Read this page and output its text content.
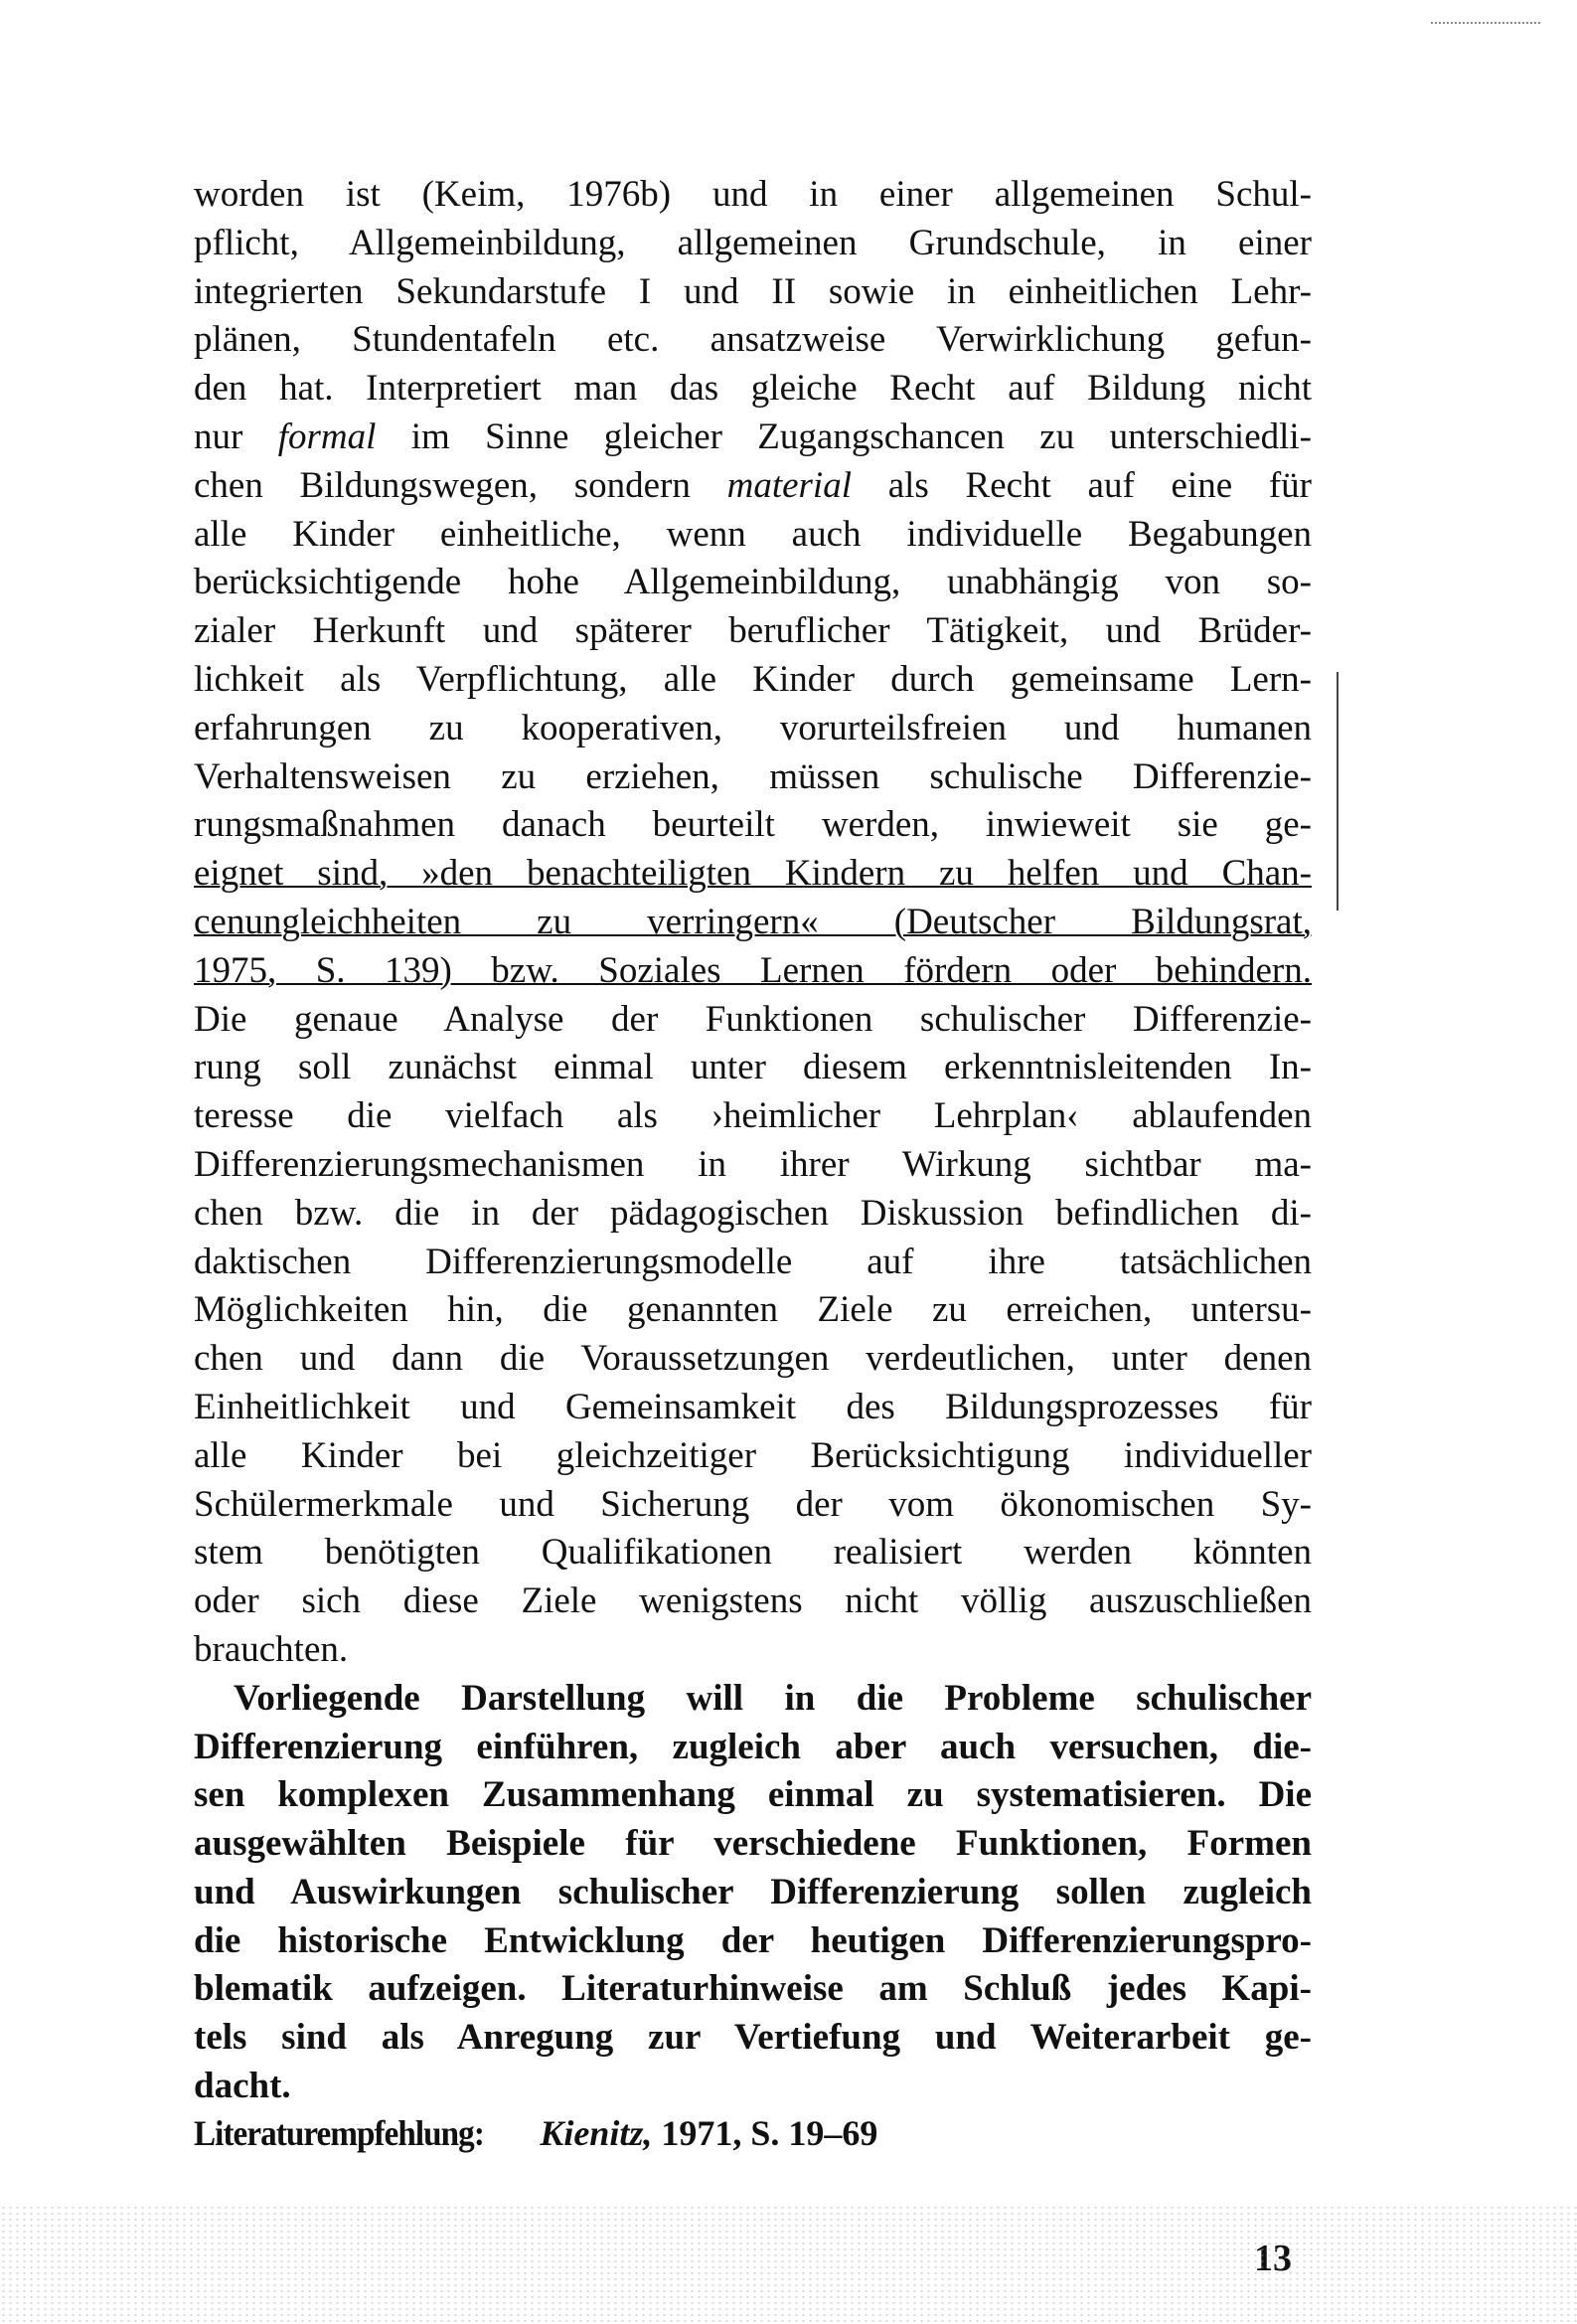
worden ist (Keim, 1976b) und in einer allgemeinen Schul-
pflicht, Allgemeinbildung, allgemeinen Grundschule, in einer
integrierten Sekundarstufe I und II sowie in einheitlichen Lehr-
plänen, Stundentafeln etc. ansatzweise Verwirklichung gefun-
den hat. Interpretiert man das gleiche Recht auf Bildung nicht
nur formal im Sinne gleicher Zugangschancen zu unterschiedli-
chen Bildungswegen, sondern material als Recht auf eine für
alle Kinder einheitliche, wenn auch individuelle Begabungen
berücksichtigende hohe Allgemeinbildung, unabhängig von so-
zialer Herkunft und späterer beruflicher Tätigkeit, und Brüder-
lichkeit als Verpflichtung, alle Kinder durch gemeinsame Lern-
erfahrungen zu kooperativen, vorurteilsfreien und humanen
Verhaltensweisen zu erziehen, müssen schulische Differenzie-
rungsmaßnahmen danach beurteilt werden, inwieweit sie ge-
eignet sind, »den benachteiligten Kindern zu helfen und Chan-
cenungleichheiten zu verringern« (Deutscher Bildungsrat,
1975, S. 139) bzw. Soziales Lernen fördern oder behindern.
Die genaue Analyse der Funktionen schulischer Differenzie-
rung soll zunächst einmal unter diesem erkenntnisleitenden In-
teresse die vielfach als ›heimlicher Lehrplan‹ ablaufenden
Differenzierungsmechanismen in ihrer Wirkung sichtbar ma-
chen bzw. die in der pädagogischen Diskussion befindlichen di-
daktischen Differenzierungsmodelle auf ihre tatsächlichen
Möglichkeiten hin, die genannten Ziele zu erreichen, untersu-
chen und dann die Voraussetzungen verdeutlichen, unter denen
Einheitlichkeit und Gemeinsamkeit des Bildungsprozesses für
alle Kinder bei gleichzeitiger Berücksichtigung individueller
Schülermerkmale und Sicherung der vom ökonomischen Sy-
stem benötigten Qualifikationen realisiert werden könnten
oder sich diese Ziele wenigstens nicht völlig auszuschließen
brauchten.
Vorliegende Darstellung will in die Probleme schulischer
Differenzierung einführen, zugleich aber auch versuchen, die-
sen komplexen Zusammenhang einmal zu systematisieren. Die
ausgewählten Beispiele für verschiedene Funktionen, Formen
und Auswirkungen schulischer Differenzierung sollen zugleich
die historische Entwicklung der heutigen Differenzierungspro-
blematik aufzeigen. Literaturhinweise am Schluß jedes Kapi-
tels sind als Anregung zur Vertiefung und Weiterarbeit ge-
dacht.
Literaturempfehlung: Kienitz, 1971, S. 19–69
13
